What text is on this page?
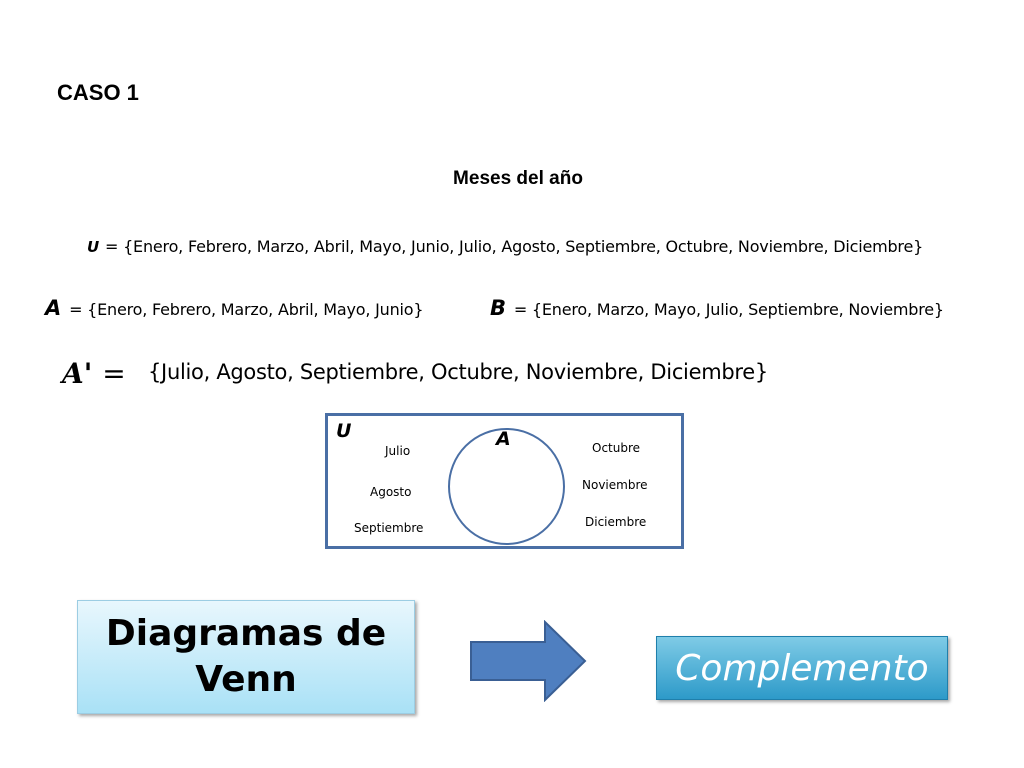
CASO 1
Meses del año
U = {Enero, Febrero, Marzo, Abril, Mayo, Junio, Julio, Agosto, Septiembre, Octubre, Noviembre, Diciembre}
A = {Enero, Febrero, Marzo, Abril, Mayo, Junio}	B = {Enero, Marzo, Mayo, Julio, Septiembre, Noviembre}
A' = {Julio, Agosto, Septiembre, Octubre, Noviembre, Diciembre}
U	A
Julio
Agosto
Septiembre
Octubre
Noviembre
Diciembre
Diagramas de Venn	Complemento
